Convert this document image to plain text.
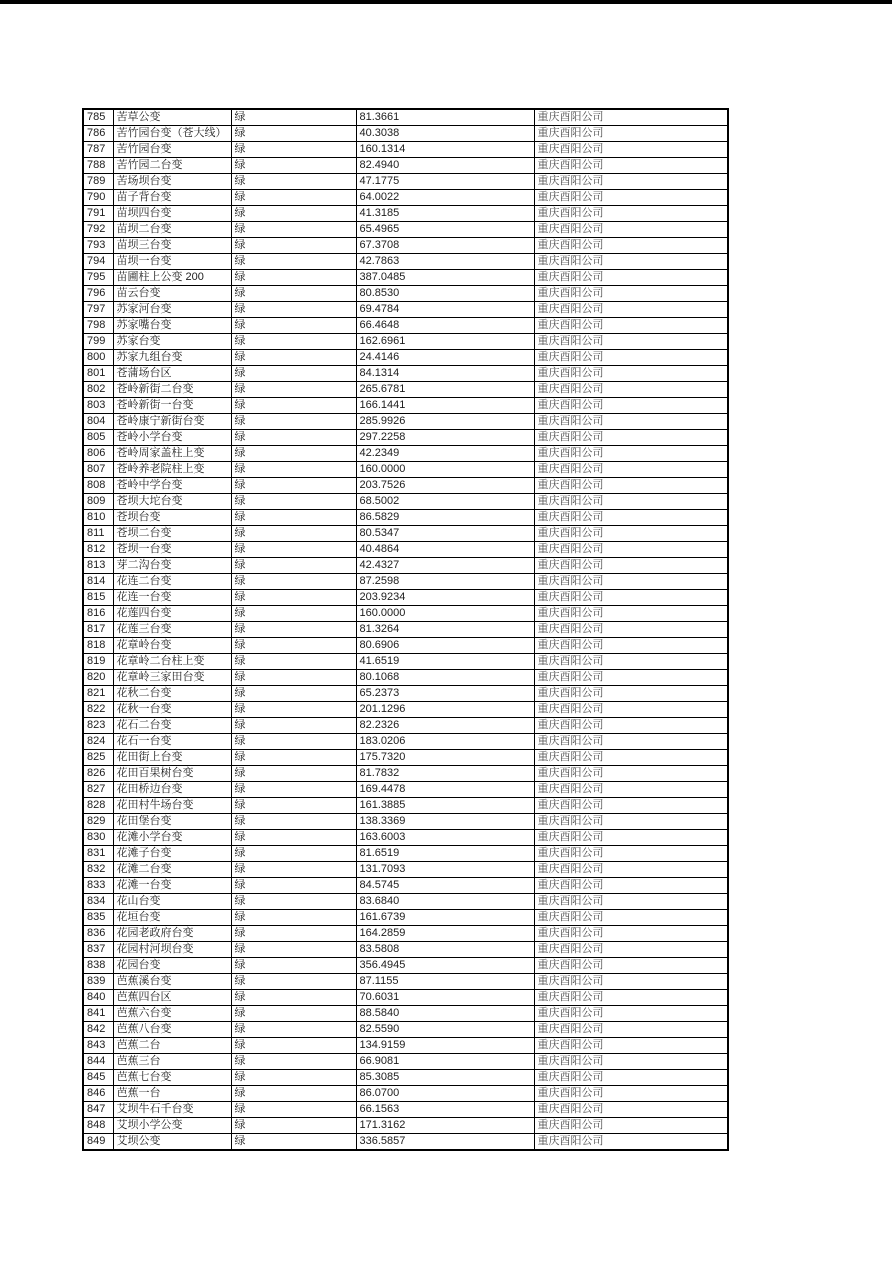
785	苦草公变	绿	81.3661	重庆酉阳公司
786	苦竹园台变（苍大线）	绿	40.3038	重庆酉阳公司
787	苦竹园台变	绿	160.1314	重庆酉阳公司
788	苦竹园二台变	绿	82.4940	重庆酉阳公司
789	苦场坝台变	绿	47.1775	重庆酉阳公司
790	苗子背台变	绿	64.0022	重庆酉阳公司
791	苗坝四台变	绿	41.3185	重庆酉阳公司
792	苗坝二台变	绿	65.4965	重庆酉阳公司
793	苗坝三台变	绿	67.3708	重庆酉阳公司
794	苗坝一台变	绿	42.7863	重庆酉阳公司
795	苗圃柱上公变 200	绿	387.0485	重庆酉阳公司
796	苗云台变	绿	80.8530	重庆酉阳公司
797	苏家河台变	绿	69.4784	重庆酉阳公司
798	苏家嘴台变	绿	66.4648	重庆酉阳公司
799	苏家台变	绿	162.6961	重庆酉阳公司
800	苏家九组台变	绿	24.4146	重庆酉阳公司
801	苍蒲场台区	绿	84.1314	重庆酉阳公司
802	苍岭新街二台变	绿	265.6781	重庆酉阳公司
803	苍岭新街一台变	绿	166.1441	重庆酉阳公司
804	苍岭康宁新街台变	绿	285.9926	重庆酉阳公司
805	苍岭小学台变	绿	297.2258	重庆酉阳公司
806	苍岭周家盖柱上变	绿	42.2349	重庆酉阳公司
807	苍岭养老院柱上变	绿	160.0000	重庆酉阳公司
808	苍岭中学台变	绿	203.7526	重庆酉阳公司
809	苍坝大坨台变	绿	68.5002	重庆酉阳公司
810	苍坝台变	绿	86.5829	重庆酉阳公司
811	苍坝二台变	绿	80.5347	重庆酉阳公司
812	苍坝一台变	绿	40.4864	重庆酉阳公司
813	芽二沟台变	绿	42.4327	重庆酉阳公司
814	花连二台变	绿	87.2598	重庆酉阳公司
815	花连一台变	绿	203.9234	重庆酉阳公司
816	花莲四台变	绿	160.0000	重庆酉阳公司
817	花莲三台变	绿	81.3264	重庆酉阳公司
818	花章岭台变	绿	80.6906	重庆酉阳公司
819	花章岭二台柱上变	绿	41.6519	重庆酉阳公司
820	花章岭三家田台变	绿	80.1068	重庆酉阳公司
821	花秋二台变	绿	65.2373	重庆酉阳公司
822	花秋一台变	绿	201.1296	重庆酉阳公司
823	花石二台变	绿	82.2326	重庆酉阳公司
824	花石一台变	绿	183.0206	重庆酉阳公司
825	花田街上台变	绿	175.7320	重庆酉阳公司
826	花田百果树台变	绿	81.7832	重庆酉阳公司
827	花田桥边台变	绿	169.4478	重庆酉阳公司
828	花田村牛场台变	绿	161.3885	重庆酉阳公司
829	花田堡台变	绿	138.3369	重庆酉阳公司
830	花滩小学台变	绿	163.6003	重庆酉阳公司
831	花滩子台变	绿	81.6519	重庆酉阳公司
832	花滩二台变	绿	131.7093	重庆酉阳公司
833	花滩一台变	绿	84.5745	重庆酉阳公司
834	花山台变	绿	83.6840	重庆酉阳公司
835	花垣台变	绿	161.6739	重庆酉阳公司
836	花园老政府台变	绿	164.2859	重庆酉阳公司
837	花园村河坝台变	绿	83.5808	重庆酉阳公司
838	花园台变	绿	356.4945	重庆酉阳公司
839	芭蕉溪台变	绿	87.1155	重庆酉阳公司
840	芭蕉四台区	绿	70.6031	重庆酉阳公司
841	芭蕉六台变	绿	88.5840	重庆酉阳公司
842	芭蕉八台变	绿	82.5590	重庆酉阳公司
843	芭蕉二台	绿	134.9159	重庆酉阳公司
844	芭蕉三台	绿	66.9081	重庆酉阳公司
845	芭蕉七台变	绿	85.3085	重庆酉阳公司
846	芭蕉一台	绿	86.0700	重庆酉阳公司
847	艾坝牛石千台变	绿	66.1563	重庆酉阳公司
848	艾坝小学公变	绿	171.3162	重庆酉阳公司
849	艾坝公变	绿	336.5857	重庆酉阳公司
